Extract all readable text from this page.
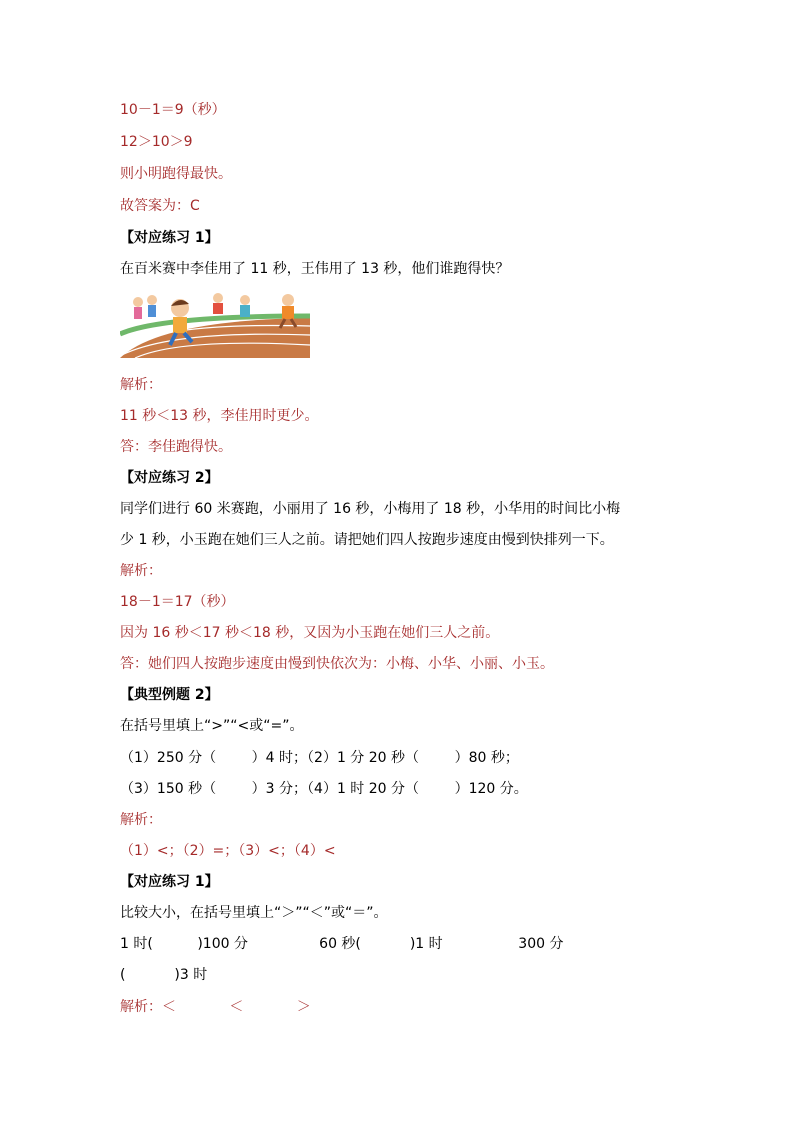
10－1＝9（秒）
12＞10＞9
则小明跑得最快。
故答案为：C
【对应练习 1】
在百米赛中李佳用了 11 秒，王伟用了 13 秒，他们谁跑得快？
解析：
11 秒＜13 秒，李佳用时更少。
答：李佳跑得快。
【对应练习 2】
同学们进行 60 米赛跑，小丽用了 16 秒，小梅用了 18 秒，小华用的时间比小梅
少 1 秒，小玉跑在她们三人之前。请把她们四人按跑步速度由慢到快排列一下。
解析：
18－1＝17（秒）
因为 16 秒＜17 秒＜18 秒，又因为小玉跑在她们三人之前。
答：她们四人按跑步速度由慢到快依次为：小梅、小华、小丽、小玉。
【典型例题 2】
在括号里填上“>”“<或“=”。
（1）250 分（        ）4 时；（2）1 分 20 秒（        ）80 秒；
（3）150 秒（        ）3 分；（4）1 时 20 分（        ）120 分。
解析：
（1）<；（2）=；（3）<；（4）<
【对应练习 1】
比较大小，在括号里填上“＞”“＜”或“＝”。
1 时(          )100 分                60 秒(           )1 时                 300 分
(           )3 时
解析：＜            ＜            ＞
